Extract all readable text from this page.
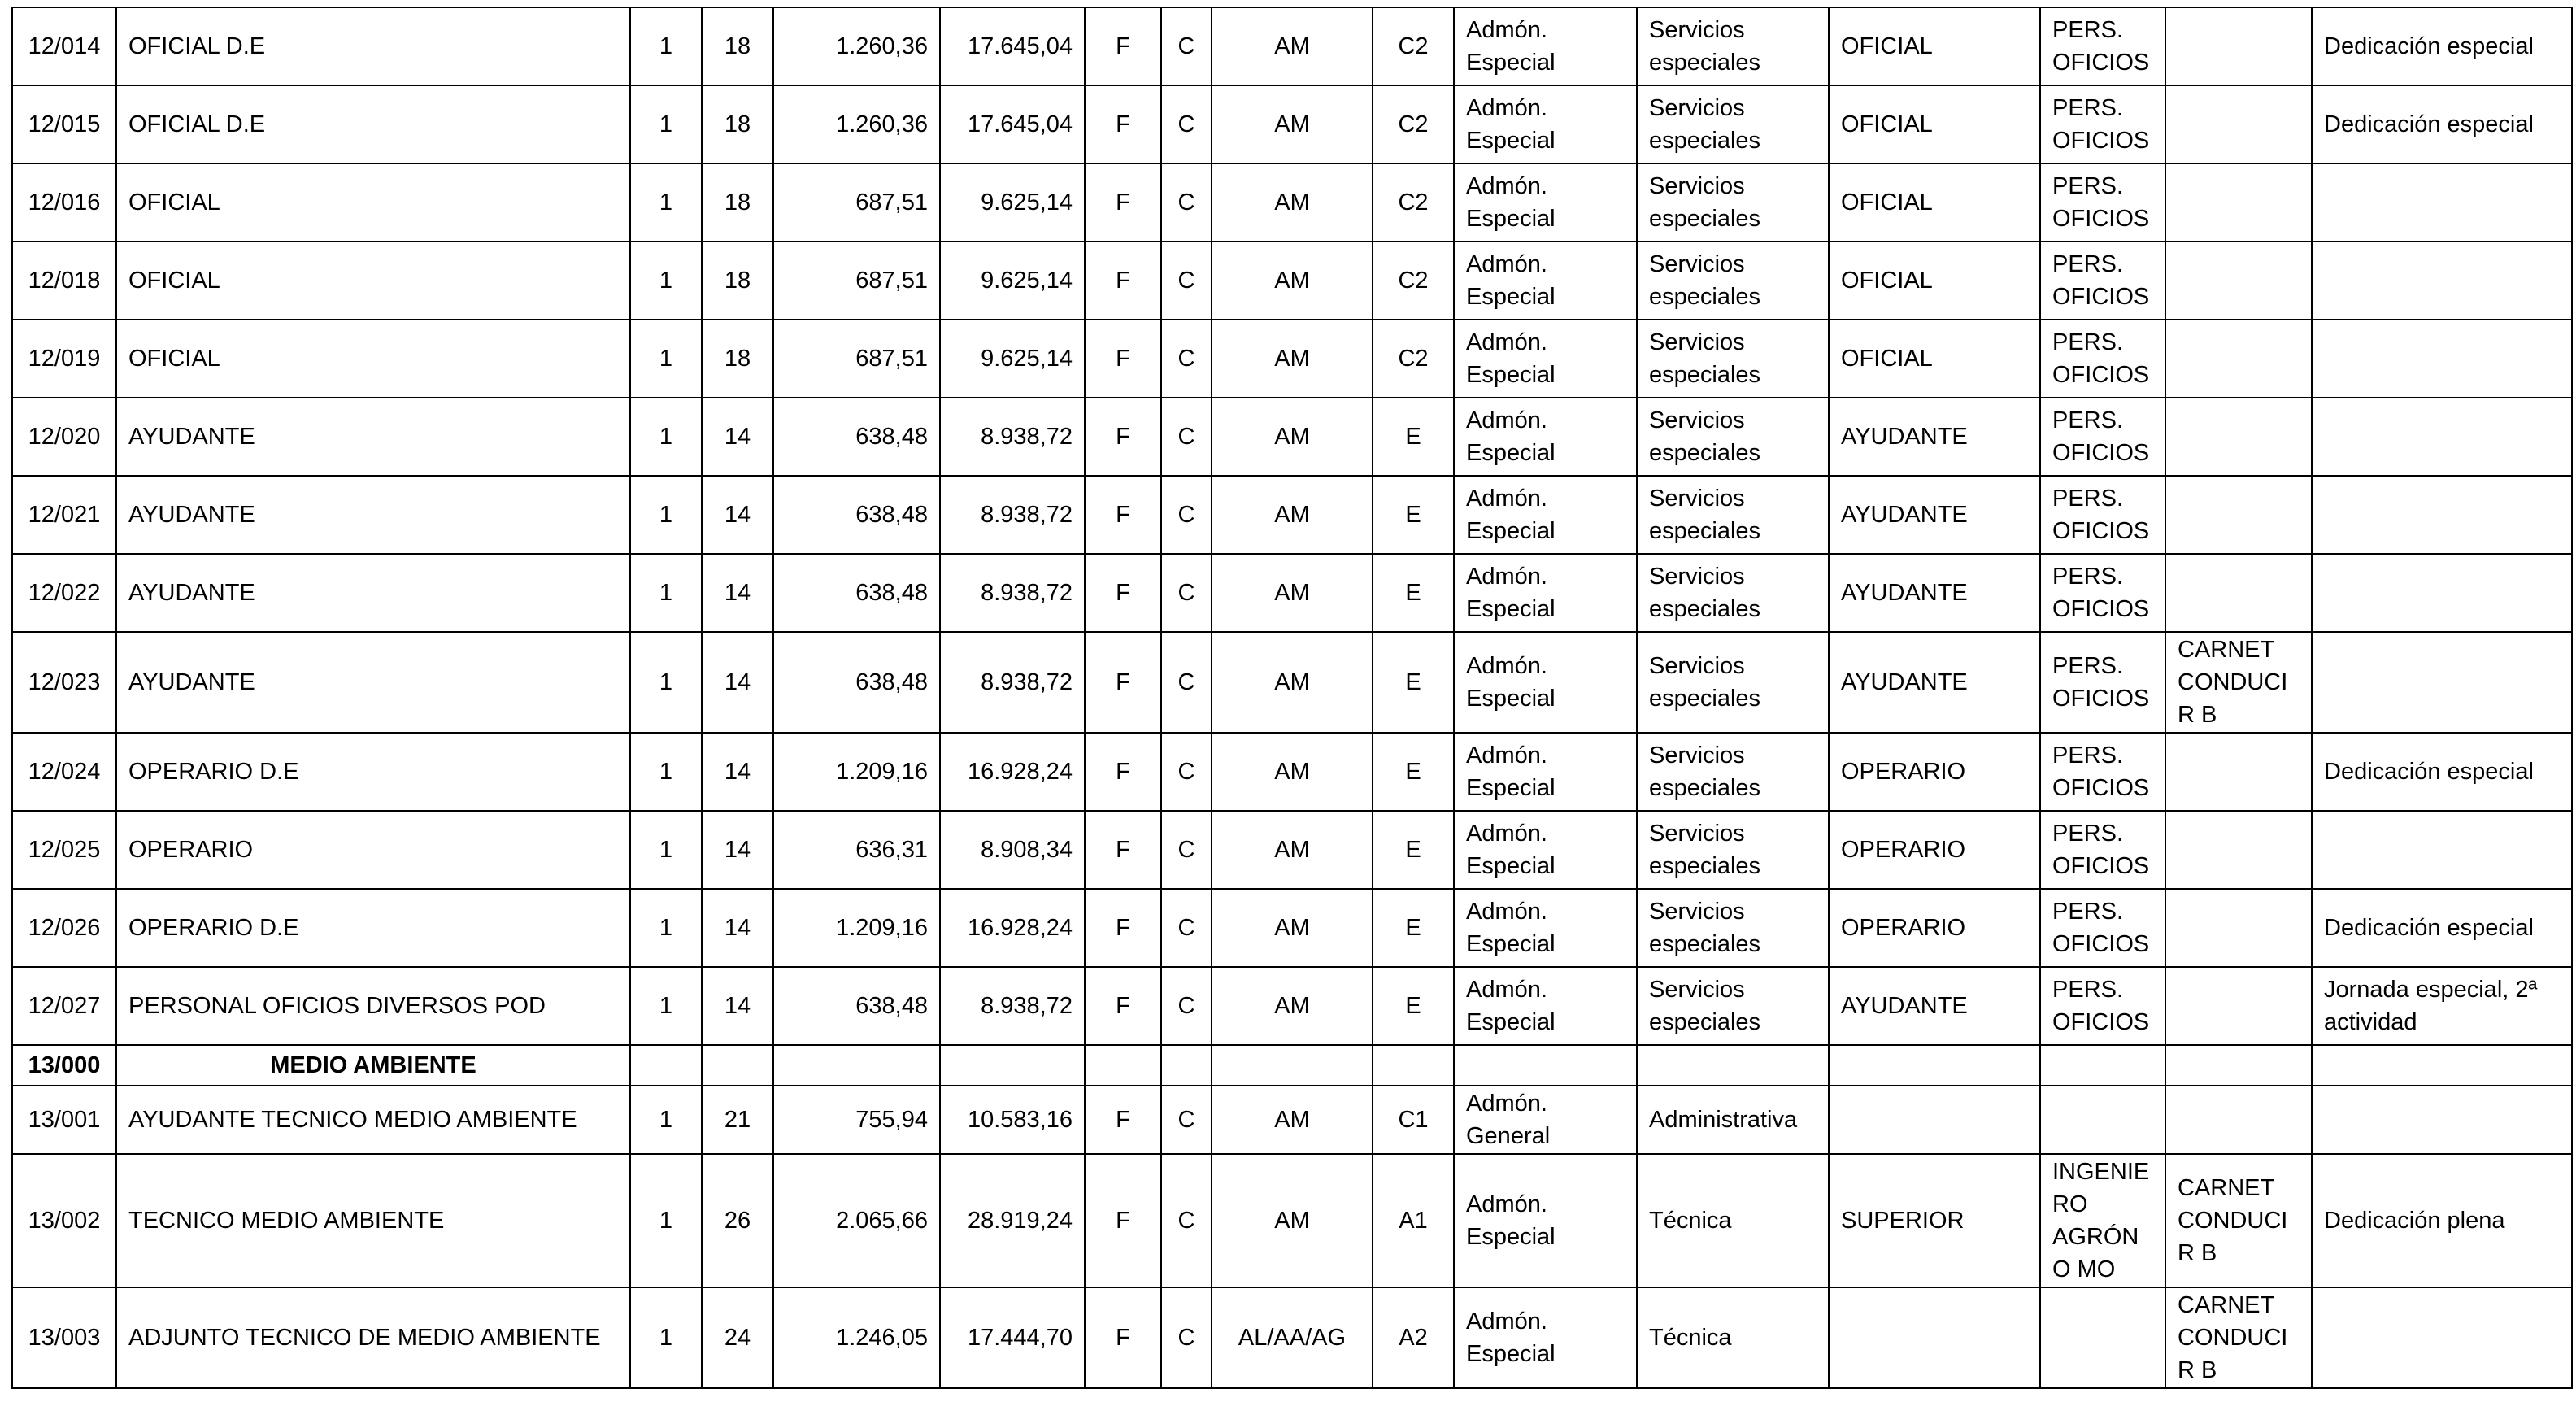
12/014	OFICIAL D.E	1	18	1.260,36	17.645,04	F	C	AM	C2	Admón. Especial	Servicios especiales	OFICIAL	PERS. OFICIOS		Dedicación especial
12/015	OFICIAL D.E	1	18	1.260,36	17.645,04	F	C	AM	C2	Admón. Especial	Servicios especiales	OFICIAL	PERS. OFICIOS		Dedicación especial
12/016	OFICIAL	1	18	687,51	9.625,14	F	C	AM	C2	Admón. Especial	Servicios especiales	OFICIAL	PERS. OFICIOS		
12/018	OFICIAL	1	18	687,51	9.625,14	F	C	AM	C2	Admón. Especial	Servicios especiales	OFICIAL	PERS. OFICIOS		
12/019	OFICIAL	1	18	687,51	9.625,14	F	C	AM	C2	Admón. Especial	Servicios especiales	OFICIAL	PERS. OFICIOS		
12/020	AYUDANTE	1	14	638,48	8.938,72	F	C	AM	E	Admón. Especial	Servicios especiales	AYUDANTE	PERS. OFICIOS		
12/021	AYUDANTE	1	14	638,48	8.938,72	F	C	AM	E	Admón. Especial	Servicios especiales	AYUDANTE	PERS. OFICIOS		
12/022	AYUDANTE	1	14	638,48	8.938,72	F	C	AM	E	Admón. Especial	Servicios especiales	AYUDANTE	PERS. OFICIOS		
12/023	AYUDANTE	1	14	638,48	8.938,72	F	C	AM	E	Admón. Especial	Servicios especiales	AYUDANTE	PERS. OFICIOS	CARNET CONDUCIR B	
12/024	OPERARIO D.E	1	14	1.209,16	16.928,24	F	C	AM	E	Admón. Especial	Servicios especiales	OPERARIO	PERS. OFICIOS		Dedicación especial
12/025	OPERARIO	1	14	636,31	8.908,34	F	C	AM	E	Admón. Especial	Servicios especiales	OPERARIO	PERS. OFICIOS		
12/026	OPERARIO D.E	1	14	1.209,16	16.928,24	F	C	AM	E	Admón. Especial	Servicios especiales	OPERARIO	PERS. OFICIOS		Dedicación especial
12/027	PERSONAL OFICIOS DIVERSOS POD	1	14	638,48	8.938,72	F	C	AM	E	Admón. Especial	Servicios especiales	AYUDANTE	PERS. OFICIOS		Jornada especial, 2ª actividad
13/000	MEDIO AMBIENTE														
13/001	AYUDANTE TECNICO MEDIO AMBIENTE	1	21	755,94	10.583,16	F	C	AM	C1	Admón. General	Administrativa				
13/002	TECNICO MEDIO AMBIENTE	1	26	2.065,66	28.919,24	F	C	AM	A1	Admón. Especial	Técnica	SUPERIOR	INGENIE RO AGRÓNO MO	CARNET CONDUCIR B	Dedicación plena
13/003	ADJUNTO TECNICO DE MEDIO AMBIENTE	1	24	1.246,05	17.444,70	F	C	AL/AA/AG	A2	Admón. Especial	Técnica			CARNET CONDUCIR B	
